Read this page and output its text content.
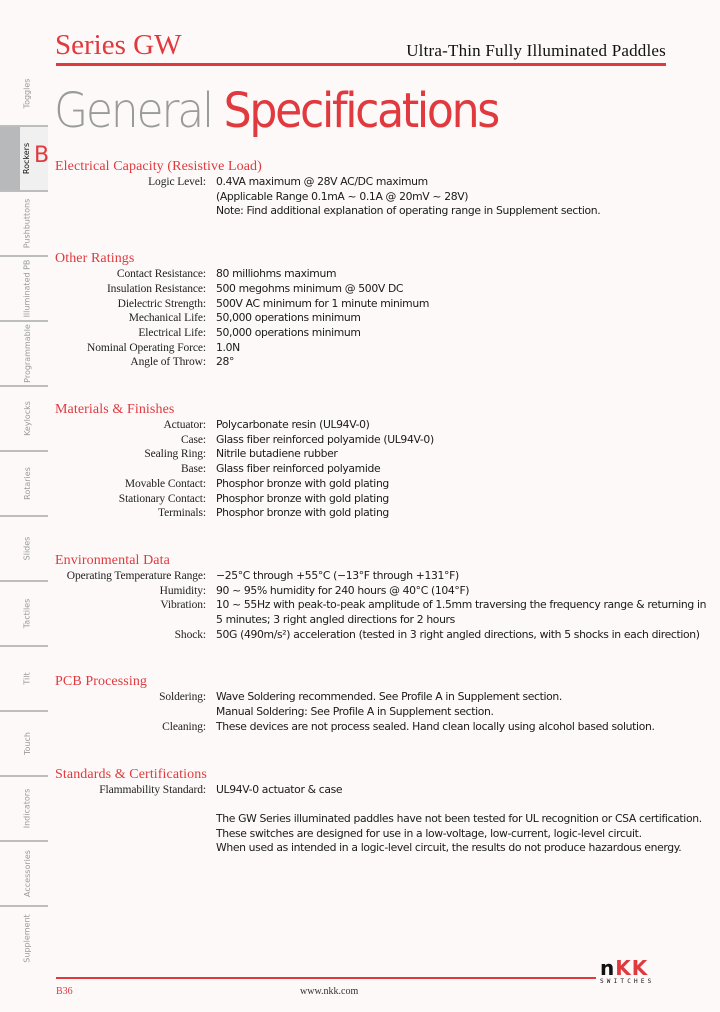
Series GW	Ultra-Thin Fully Illuminated Paddles
General Specifications
Toggles
Rockers B
Pushbuttons
Illuminated PB
Programmable
Keylocks
Rotaries
Slides
Tactiles
Tilt
Touch
Indicators
Accessories
Supplement
Electrical Capacity (Resistive Load)
Logic Level: 0.4VA maximum @ 28V AC/DC maximum
(Applicable Range 0.1mA ~ 0.1A @ 20mV ~ 28V)
Note: Find additional explanation of operating range in Supplement section.
Other Ratings
Contact Resistance: 80 milliohms maximum
Insulation Resistance: 500 megohms minimum @ 500V DC
Dielectric Strength: 500V AC minimum for 1 minute minimum
Mechanical Life: 50,000 operations minimum
Electrical Life: 50,000 operations minimum
Nominal Operating Force: 1.0N
Angle of Throw: 28°
Materials & Finishes
Actuator: Polycarbonate resin (UL94V-0)
Case: Glass fiber reinforced polyamide (UL94V-0)
Sealing Ring: Nitrile butadiene rubber
Base: Glass fiber reinforced polyamide
Movable Contact: Phosphor bronze with gold plating
Stationary Contact: Phosphor bronze with gold plating
Terminals: Phosphor bronze with gold plating
Environmental Data
Operating Temperature Range: −25°C through +55°C (−13°F through +131°F)
Humidity: 90 ~ 95% humidity for 240 hours @ 40°C (104°F)
Vibration: 10 ~ 55Hz with peak-to-peak amplitude of 1.5mm traversing the frequency range & returning in
5 minutes; 3 right angled directions for 2 hours
Shock: 50G (490m/s²) acceleration (tested in 3 right angled directions, with 5 shocks in each direction)
PCB Processing
Soldering: Wave Soldering recommended. See Profile A in Supplement section.
Manual Soldering: See Profile A in Supplement section.
Cleaning: These devices are not process sealed. Hand clean locally using alcohol based solution.
Standards & Certifications
Flammability Standard: UL94V-0 actuator & case
The GW Series illuminated paddles have not been tested for UL recognition or CSA certification.
These switches are designed for use in a low-voltage, low-current, logic-level circuit.
When used as intended in a logic-level circuit, the results do not produce hazardous energy.
B36	www.nkk.com
nKK
SWITCHES
